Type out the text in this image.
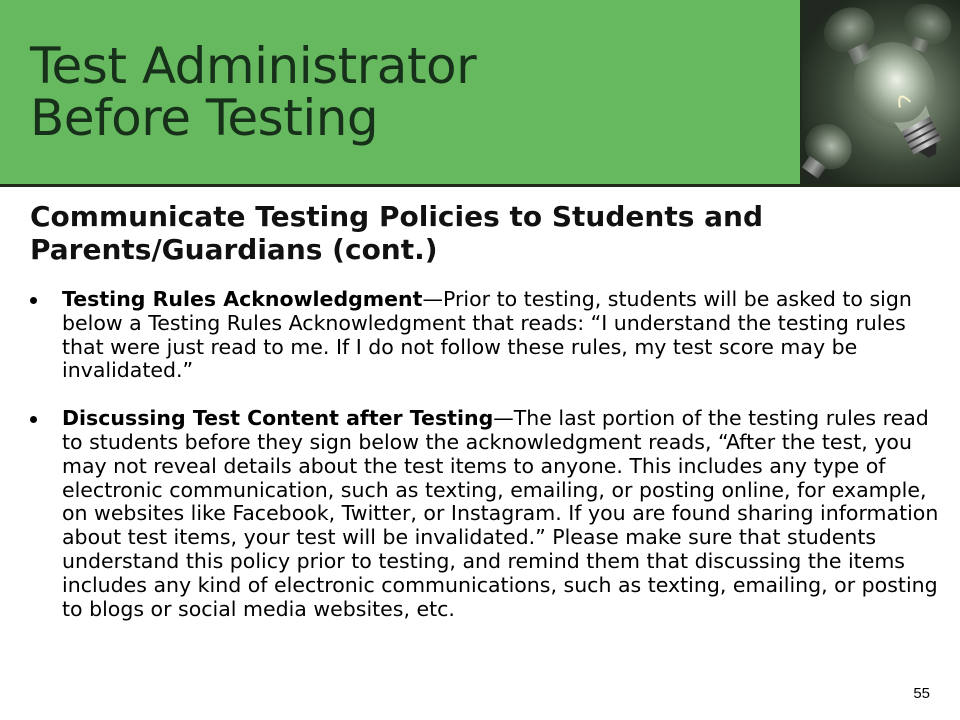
Test Administrator
Before Testing
Communicate Testing Policies to Students and Parents/Guardians (cont.)
Testing Rules Acknowledgment—Prior to testing, students will be asked to sign below a Testing Rules Acknowledgment that reads: “I understand the testing rules that were just read to me. If I do not follow these rules, my test score may be invalidated.”
Discussing Test Content after Testing—The last portion of the testing rules read to students before they sign below the acknowledgment reads, “After the test, you may not reveal details about the test items to anyone. This includes any type of electronic communication, such as texting, emailing, or posting online, for example, on websites like Facebook, Twitter, or Instagram. If you are found sharing information about test items, your test will be invalidated.” Please make sure that students understand this policy prior to testing, and remind them that discussing the items includes any kind of electronic communications, such as texting, emailing, or posting to blogs or social media websites, etc.
55
